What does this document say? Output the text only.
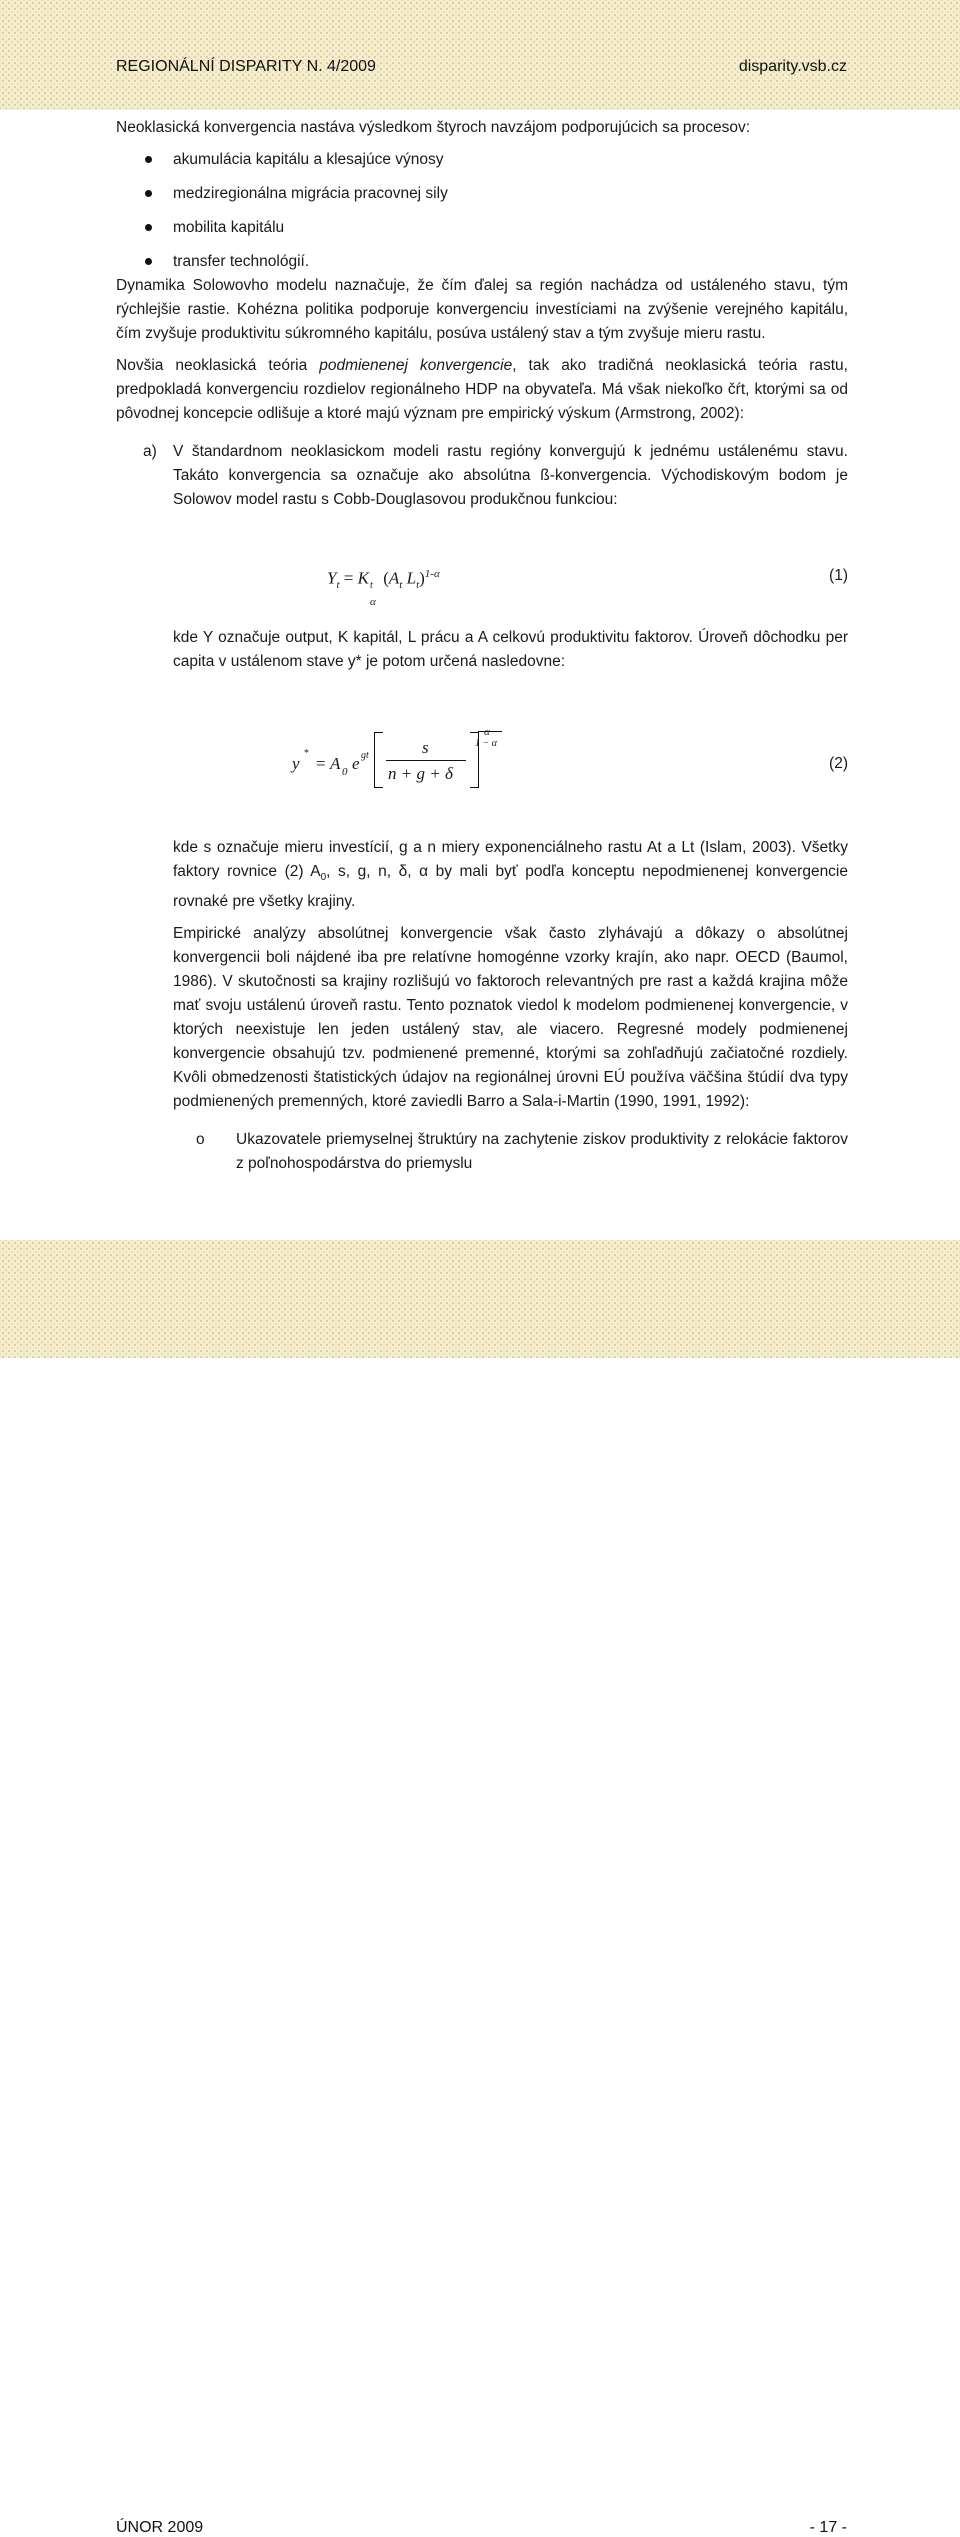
REGIONÁLNÍ DISPARITY N. 4/2009	disparity.vsb.cz

Neoklasická konvergencia nastáva výsledkom štyroch navzájom podporujúcich sa procesov:

akumulácia kapitálu a klesajúce výnosy
medziregionálna migrácia pracovnej sily
mobilita kapitálu
transfer technológií.

Dynamika Solowovho modelu naznačuje, že čím ďalej sa región nachádza od ustáleného stavu, tým rýchlejšie rastie. Kohézna politika podporuje konvergenciu investíciami na zvýšenie verejného kapitálu, čím zvyšuje produktivitu súkromného kapitálu, posúva ustálený stav a tým zvyšuje mieru rastu.

Novšia neoklasická teória podmienenej konvergencie, tak ako tradičná neoklasická teória rastu, predpokladá konvergenciu rozdielov regionálneho HDP na obyvateľa. Má však niekoľko čŕt, ktorými sa od pôvodnej koncepcie odlišuje a ktoré majú význam pre empirický výskum (Armstrong, 2002):

a) V štandardnom neoklasickom modeli rastu regióny konvergujú k jednému ustálenému stavu. Takáto konvergencia sa označuje ako absolútna ß-konvergencia. Východiskovým bodom je Solowov model rastu s Cobb-Douglasovou produkčnou funkciou:
$Y_t = K$ t
α
($A_t$ $L_t)^{1-\alpha}$	(1)

kde Y označuje output, K kapitál, L prácu a A celkovú produktivitu faktorov. Úroveň dôchodku per capita v ustálenom stave y* je potom určená nasledovne:

y
*
= A 0 e gt	s
n + g + δ
α
1 − α
(2)

kde s označuje mieru investícií, g a n miery exponenciálneho rastu At a Lt (Islam, 2003). Všetky faktory rovnice (2) $A_0$, s, g, n, δ, α by mali byť podľa konceptu nepodmienenej konvergencie rovnaké pre všetky krajiny.

Empirické analýzy absolútnej konvergencie však často zlyhávajú a dôkazy o absolútnej konvergencii boli nájdené iba pre relatívne homogénne vzorky krajín, ako napr. OECD (Baumol, 1986). V skutočnosti sa krajiny rozlišujú vo faktoroch relevantných pre rast a každá krajina môže mať svoju ustálenú úroveň rastu. Tento poznatok viedol k modelom podmienenej konvergencie, v ktorých neexistuje len jeden ustálený stav, ale viacero. Regresné modely podmienenej konvergencie obsahujú tzv. podmienené premenné, ktorými sa zohľadňujú začiatočné rozdiely. Kvôli obmedzenosti štatistických údajov na regionálnej úrovni EÚ používa väčšina štúdií dva typy podmienených premenných, ktoré zaviedli Barro a Sala-i-Martin (1990, 1991, 1992):

o Ukazovatele priemyselnej štruktúry na zachytenie ziskov produktivity z relokácie faktorov z poľnohospodárstva do priemyslu
ÚNOR 2009	- 17 -
